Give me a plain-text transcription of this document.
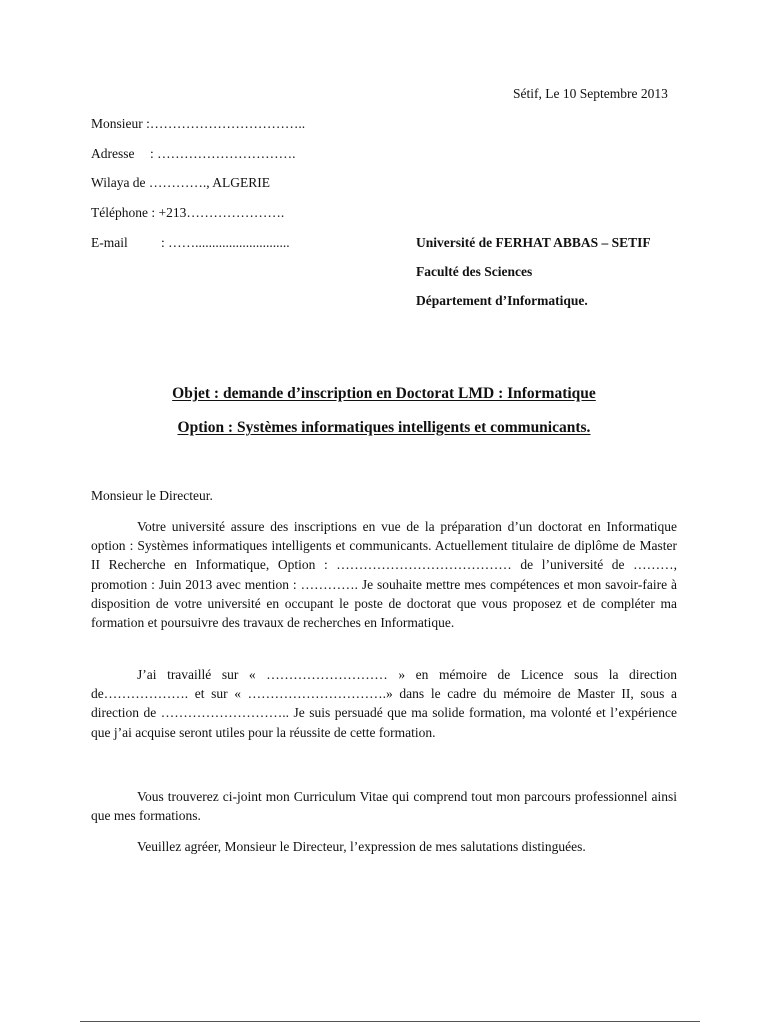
Sétif, Le 10 Septembre 2013
Monsieur :……………………………..
Adresse : ………………………….
Wilaya de …………., ALGERIE
Téléphone : +213………………….
E-mail : ……............................	Université de FERHAT ABBAS – SETIF
Faculté des Sciences
Département d’Informatique.
Objet : demande d’inscription en Doctorat LMD : Informatique
Option : Systèmes informatiques intelligents et communicants.
Monsieur le Directeur.

Votre université assure des inscriptions en vue de la préparation d’un doctorat en Informatique option : Systèmes informatiques intelligents et communicants. Actuellement titulaire de diplôme de Master II Recherche en Informatique, Option : ………………………………… de l’université de ………, promotion : Juin 2013 avec mention : …………. Je souhaite mettre mes compétences et mon savoir-faire à disposition de votre université en occupant le poste de doctorat que vous proposez et de compléter ma formation et poursuivre des travaux de recherches en Informatique.

J’ai travaillé sur « ……………………… » en mémoire de Licence sous la direction de………………. et sur « ………………………….» dans le cadre du mémoire de Master II, sous a direction de ……………………….. Je suis persuadé que ma solide formation, ma volonté et l’expérience que j’ai acquise seront utiles pour la réussite de cette formation.

Vous trouverez ci-joint mon Curriculum Vitae qui comprend tout mon parcours professionnel ainsi que mes formations.

Veuillez agréer, Monsieur le Directeur, l’expression de mes salutations distinguées.
